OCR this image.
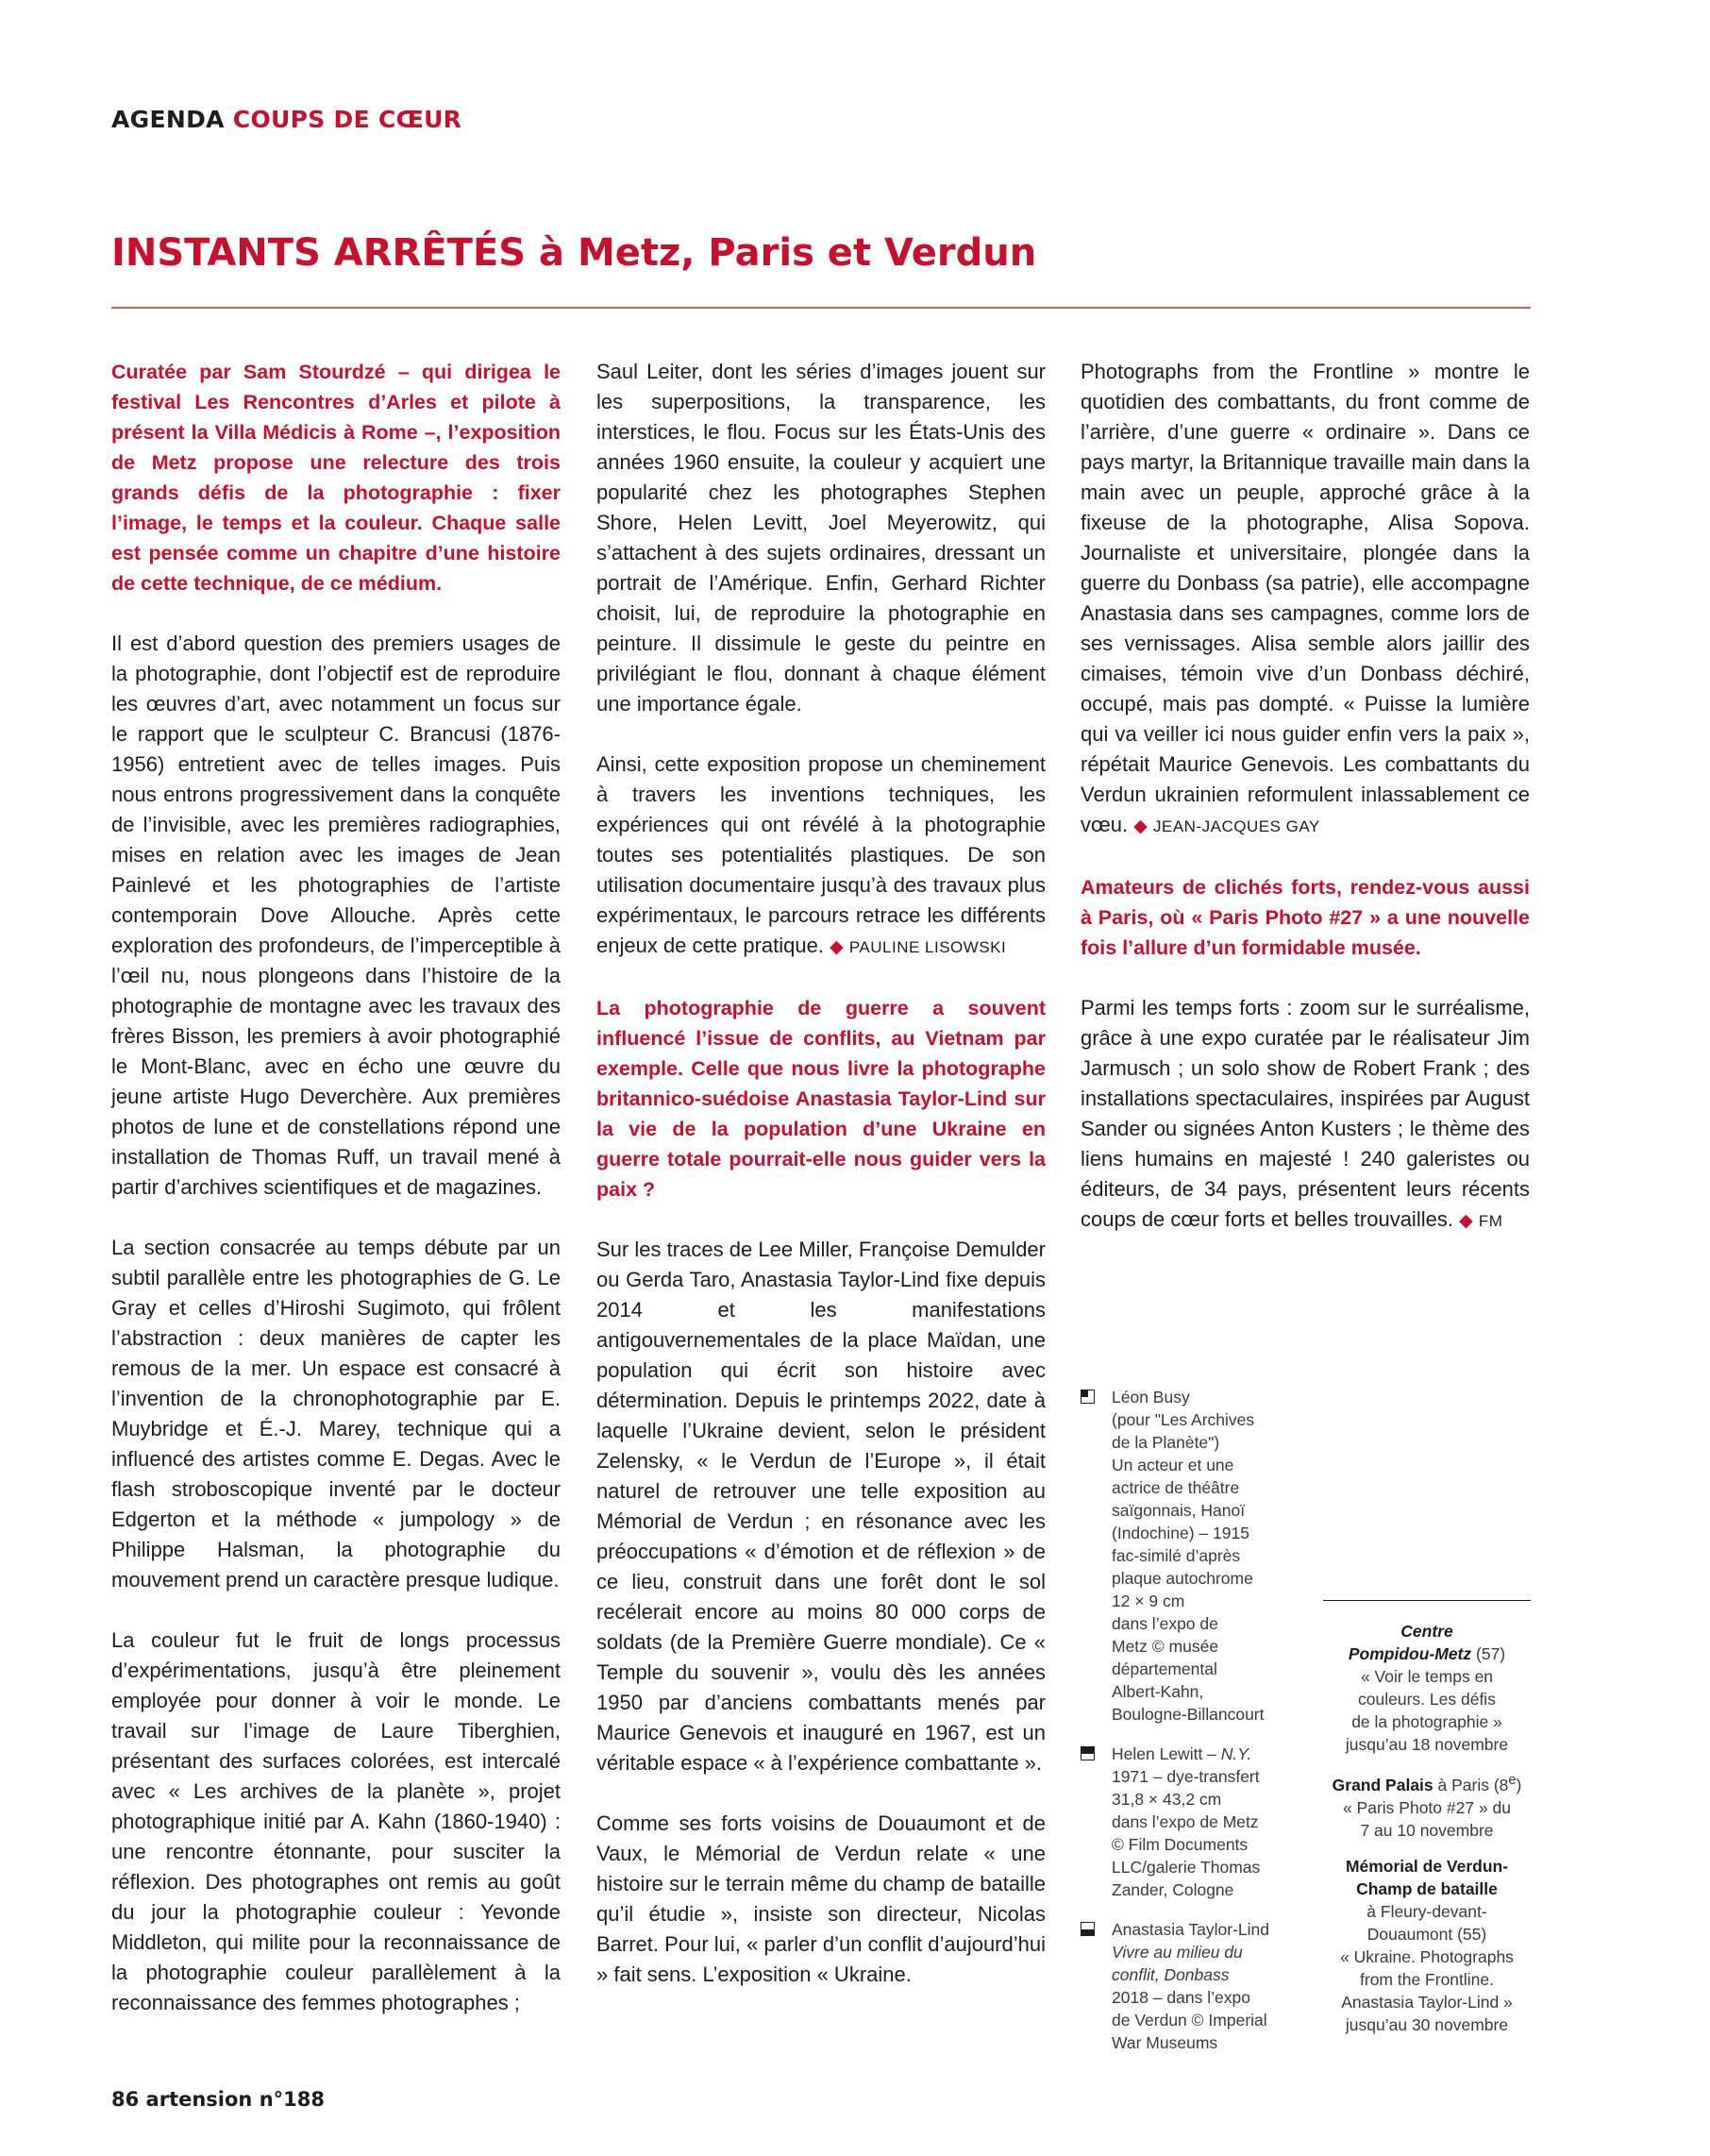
AGENDA COUPS DE CŒUR
INSTANTS ARRÊTÉS à Metz, Paris et Verdun

Curatée par Sam Stourdzé – qui dirigea le festival Les Rencontres d’Arles et pilote à présent la Villa Médicis à Rome –, l’exposition de Metz propose une relecture des trois grands défis de la photographie : fixer l’image, le temps et la couleur. Chaque salle est pensée comme un chapitre d’une histoire de cette technique, de ce médium.

Il est d’abord question des premiers usages de la photographie, dont l’objectif est de reproduire les œuvres d’art, avec notamment un focus sur le rapport que le sculpteur C. Brancusi (1876-1956) entretient avec de telles images. Puis nous entrons progressivement dans la conquête de l’invisible, avec les premières radiographies, mises en relation avec les images de Jean Painlevé et les photographies de l’artiste contemporain Dove Allouche. Après cette exploration des profondeurs, de l’imperceptible à l’œil nu, nous plongeons dans l’histoire de la photographie de montagne avec les travaux des frères Bisson, les premiers à avoir photographié le Mont-Blanc, avec en écho une œuvre du jeune artiste Hugo Deverchère. Aux premières photos de lune et de constellations répond une installation de Thomas Ruff, un travail mené à partir d’archives scientifiques et de magazines.

La section consacrée au temps débute par un subtil parallèle entre les photographies de G. Le Gray et celles d’Hiroshi Sugimoto, qui frôlent l’abstraction : deux manières de capter les remous de la mer. Un espace est consacré à l’invention de la chronophotographie par E. Muybridge et É.-J. Marey, technique qui a influencé des artistes comme E. Degas. Avec le flash stroboscopique inventé par le docteur Edgerton et la méthode « jumpology » de Philippe Halsman, la photographie du mouvement prend un caractère presque ludique.

La couleur fut le fruit de longs processus d’expérimentations, jusqu’à être pleinement employée pour donner à voir le monde. Le travail sur l’image de Laure Tiberghien, présentant des surfaces colorées, est intercalé avec « Les archives de la planète », projet photographique initié par A. Kahn (1860-1940) : une rencontre étonnante, pour susciter la réflexion. Des photographes ont remis au goût du jour la photographie couleur : Yevonde Middleton, qui milite pour la reconnaissance de la photographie couleur parallèlement à la reconnaissance des femmes photographes ;

Saul Leiter, dont les séries d’images jouent sur les superpositions, la transparence, les interstices, le flou. Focus sur les États-Unis des années 1960 ensuite, la couleur y acquiert une popularité chez les photographes Stephen Shore, Helen Levitt, Joel Meyerowitz, qui s’attachent à des sujets ordinaires, dressant un portrait de l’Amérique. Enfin, Gerhard Richter choisit, lui, de reproduire la photographie en peinture. Il dissimule le geste du peintre en privilégiant le flou, donnant à chaque élément une importance égale.

Ainsi, cette exposition propose un cheminement à travers les inventions techniques, les expériences qui ont révélé à la photographie toutes ses potentialités plastiques. De son utilisation documentaire jusqu’à des travaux plus expérimentaux, le parcours retrace les différents enjeux de cette pratique. ◆ PAULINE LISOWSKI

La photographie de guerre a souvent influencé l’issue de conflits, au Vietnam par exemple. Celle que nous livre la photographe britannico-suédoise Anastasia Taylor-Lind sur la vie de la population d’une Ukraine en guerre totale pourrait-elle nous guider vers la paix ?

Sur les traces de Lee Miller, Françoise Demulder ou Gerda Taro, Anastasia Taylor-Lind fixe depuis 2014 et les manifestations antigouvernementales de la place Maïdan, une population qui écrit son histoire avec détermination. Depuis le printemps 2022, date à laquelle l’Ukraine devient, selon le président Zelensky, « le Verdun de l’Europe », il était naturel de retrouver une telle exposition au Mémorial de Verdun ; en résonance avec les préoccupations « d’émotion et de réflexion » de ce lieu, construit dans une forêt dont le sol recélerait encore au moins 80 000 corps de soldats (de la Première Guerre mondiale). Ce « Temple du souvenir », voulu dès les années 1950 par d’anciens combattants menés par Maurice Genevois et inauguré en 1967, est un véritable espace « à l’expérience combattante ».

Comme ses forts voisins de Douaumont et de Vaux, le Mémorial de Verdun relate « une histoire sur le terrain même du champ de bataille qu’il étudie », insiste son directeur, Nicolas Barret. Pour lui, « parler d’un conflit d’aujourd’hui » fait sens. L’exposition « Ukraine.

Photographs from the Frontline » montre le quotidien des combattants, du front comme de l’arrière, d’une guerre « ordinaire ». Dans ce pays martyr, la Britannique travaille main dans la main avec un peuple, approché grâce à la fixeuse de la photographe, Alisa Sopova. Journaliste et universitaire, plongée dans la guerre du Donbass (sa patrie), elle accompagne Anastasia dans ses campagnes, comme lors de ses vernissages. Alisa semble alors jaillir des cimaises, témoin vive d’un Donbass déchiré, occupé, mais pas dompté. « Puisse la lumière qui va veiller ici nous guider enfin vers la paix », répétait Maurice Genevois. Les combattants du Verdun ukrainien reformulent inlassablement ce vœu. ◆ JEAN-JACQUES GAY

Amateurs de clichés forts, rendez-vous aussi à Paris, où « Paris Photo #27 » a une nouvelle fois l’allure d’un formidable musée.

Parmi les temps forts : zoom sur le surréalisme, grâce à une expo curatée par le réalisateur Jim Jarmusch ; un solo show de Robert Frank ; des installations spectaculaires, inspirées par August Sander ou signées Anton Kusters ; le thème des liens humains en majesté ! 240 galeristes ou éditeurs, de 34 pays, présentent leurs récents coups de cœur forts et belles trouvailles. ◆ FM

Léon Busy
(pour "Les Archives
de la Planète")
Un acteur et une
actrice de théâtre
saïgonnais, Hanoï
(Indochine) – 1915
fac-similé d’après
plaque autochrome
12 × 9 cm
dans l’expo de
Metz © musée
départemental
Albert-Kahn,
Boulogne-Billancourt
Helen Lewitt – N.Y.
1971 – dye-transfert
31,8 × 43,2 cm
dans l’expo de Metz
© Film Documents
LLC/galerie Thomas
Zander, Cologne
Anastasia Taylor-Lind
Vivre au milieu du
conflit, Donbass
2018 – dans l’expo
de Verdun © Imperial
War Museums
Centre
Pompidou-Metz (57)
« Voir le temps en
couleurs. Les défis
de la photographie »
jusqu’au 18 novembre
Grand Palais à Paris (8e)
« Paris Photo #27 » du
7 au 10 novembre
Mémorial de Verdun-
Champ de bataille
à Fleury-devant-
Douaumont (55)
« Ukraine. Photographs
from the Frontline.
Anastasia Taylor-Lind »
jusqu’au 30 novembre
86 artension n°188
